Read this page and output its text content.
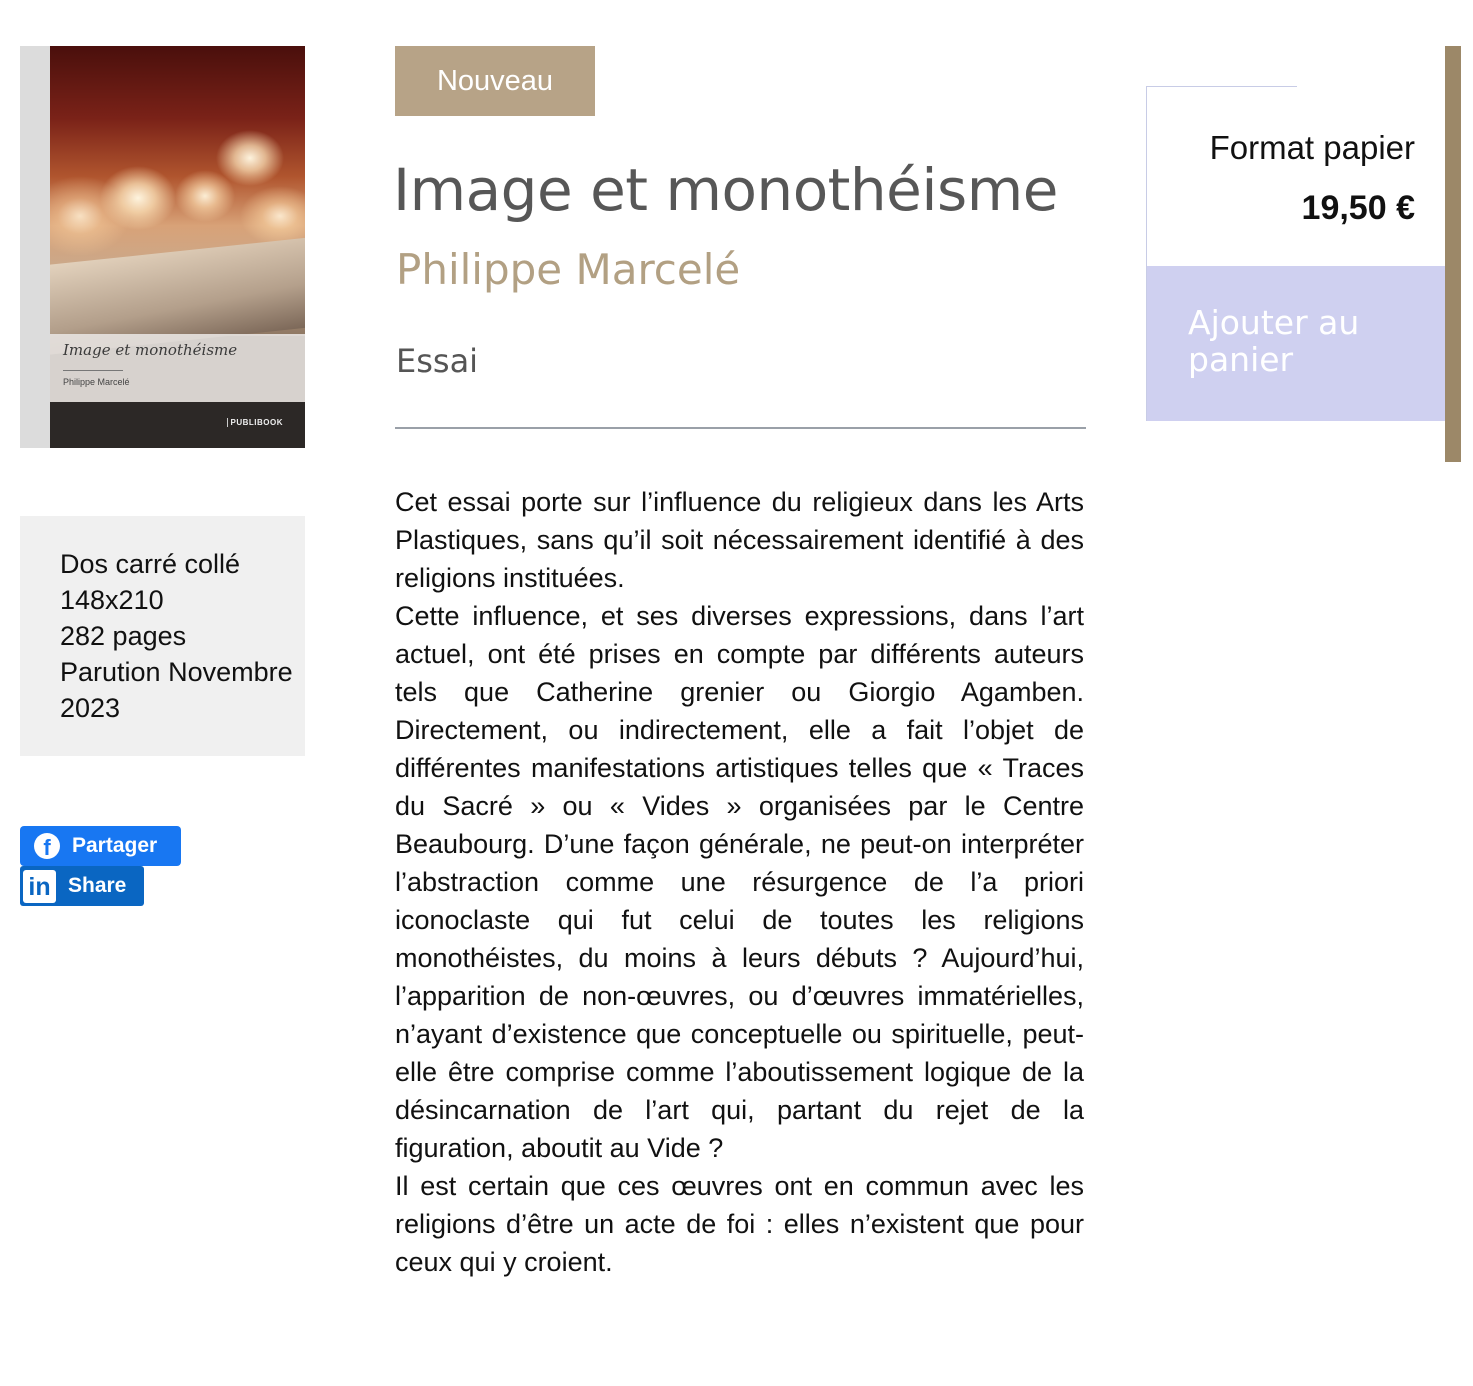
Image et monothéisme
Philippe Marcelé
PUBLIBOOK
Dos carré collé
148x210
282 pages
Parution Novembre
2023
f	Partager
in Share
Nouveau
Image et monothéisme
Philippe Marcelé
Essai

Cet essai porte sur l’influence du religieux dans les Arts Plastiques, sans qu’il soit nécessairement identifié à des religions instituées.

Cette influence, et ses diverses expressions, dans l’art actuel, ont été prises en compte par différents auteurs tels que Catherine grenier ou Giorgio Agamben. Directement, ou indirectement, elle a fait l’objet de différentes manifestations artistiques telles que « Traces du Sacré » ou « Vides » organisées par le Centre Beaubourg. D’une façon générale, ne peut-on interpréter l’abstraction comme une résurgence de l’a priori iconoclaste qui fut celui de toutes les religions monothéistes, du moins à leurs débuts ? Aujourd’hui, l’apparition de non-œuvres, ou d’œuvres immatérielles, n’ayant d’existence que conceptuelle ou spirituelle, peut-elle être comprise comme l’aboutissement logique de la désincarnation de l’art qui, partant du rejet de la figuration, aboutit au Vide ?

Il est certain que ces œuvres ont en commun avec les religions d’être un acte de foi : elles n’existent que pour ceux qui y croient.

Format papier
19,50 €
Ajouter au
panier
